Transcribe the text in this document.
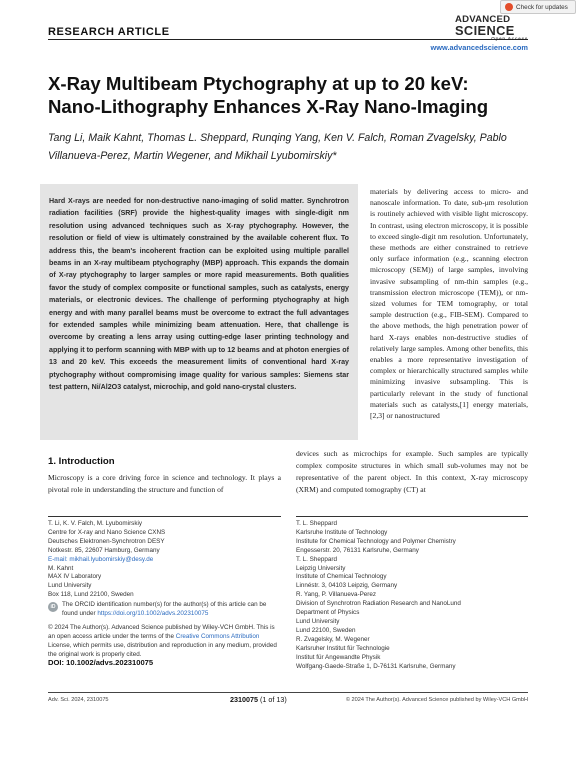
Check for updates
RESEARCH ARTICLE
ADVANCED
SCIENCE
www.advancedscience.com
X-Ray Multibeam Ptychography at up to 20 keV: Nano-Lithography Enhances X-Ray Nano-Imaging
Tang Li, Maik Kahnt, Thomas L. Sheppard, Runqing Yang, Ken V. Falch, Roman Zvagelsky, Pablo Villanueva-Perez, Martin Wegener, and Mikhail Lyubomirskiy*

Hard X-rays are needed for non-destructive nano-imaging of solid matter. Synchrotron radiation facilities (SRF) provide the highest-quality images with single-digit nm resolution using advanced techniques such as X-ray ptychography. However, the resolution or field of view is ultimately constrained by the available coherent flux. To address this, the beam's incoherent fraction can be exploited using multiple parallel beams in an X-ray multibeam ptychography (MBP) approach. This expands the domain of X-ray ptychography to larger samples or more rapid measurements. Both qualities favor the study of complex composite or functional samples, such as catalysts, energy materials, or electronic devices. The challenge of performing ptychography at high energy and with many parallel beams must be overcome to extract the full advantages for extended samples while minimizing beam attenuation. Here, that challenge is overcome by creating a lens array using cutting-edge laser printing technology and applying it to perform scanning with MBP with up to 12 beams and at photon energies of 13 and 20 keV. This exceeds the measurement limits of conventional hard X-ray ptychography without compromising image quality for various samples: Siemens star test pattern, Ni/Al2O3 catalyst, microchip, and gold nano-crystal clusters.

materials by delivering access to micro- and nanoscale information. To date, sub-μm resolution is routinely achieved with visible light microscopy. In contrast, using electron microscopy, it is possible to exceed single-digit nm resolution. Unfortunately, these methods are either constrained to retrieve only surface information (e.g., scanning electron microscopy (SEM)) of large samples, involving invasive subsampling of nm-thin samples (e.g., transmission electron microscope (TEM)), or nm-sized volumes for TEM tomography, or total sample destruction (e.g., FIB-SEM). Compared to the above methods, the high penetration power of hard X-rays enables non-destructive studies of relatively large samples. Among other benefits, this enables a more representative investigation of complex or hierarchically structured samples while minimizing invasive subsampling. This is particularly relevant in the study of functional materials such as catalysts,[1] energy materials,[2,3] or nanostructured
1. Introduction
Microscopy is a core driving force in science and technology. It plays a pivotal role in understanding the structure and function of
devices such as microchips for example. Such samples are typically complex composite structures in which small sub-volumes may not be representative of the parent object. In this context, X-ray microscopy (XRM) and computed tomography (CT) at
T. Li, K. V. Falch, M. Lyubomirskiy
Centre for X-ray and Nano Science CXNS
Deutsches Elektronen-Synchrotron DESY
Notkestr. 85, 22607 Hamburg, Germany
E-mail: mikhail.lyubomirskiy@desy.de
M. Kahnt
MAX IV Laboratory
Lund University
Box 118, Lund 22100, Sweden
T. L. Sheppard
Karlsruhe Institute of Technology
Institute for Chemical Technology and Polymer Chemistry
Engesserstr. 20, 76131 Karlsruhe, Germany
T. L. Sheppard
Leipzig University
Institute of Chemical Technology
Linnéstr. 3, 04103 Leipzig, Germany
R. Yang, P. Villanueva-Perez
Division of Synchrotron Radiation Research and NanoLund
Department of Physics
Lund University
Lund 22100, Sweden
R. Zvagelsky, M. Wegener
Karlsruher Institut für Technologie
Institut für Angewandte Physik
Wolfgang-Gaede-Straße 1, D-76131 Karlsruhe, Germany
iD	The ORCID identification number(s) for the author(s) of this article can be found under https://doi.org/10.1002/advs.202310075
© 2024 The Author(s). Advanced Science published by Wiley-VCH GmbH. This is an open access article under the terms of the Creative Commons Attribution License, which permits use, distribution and reproduction in any medium, provided the original work is properly cited.
DOI: 10.1002/advs.202310075
Adv. Sci. 2024, 2310075	2310075 (1 of 13)	© 2024 The Author(s). Advanced Science published by Wiley-VCH GmbH
